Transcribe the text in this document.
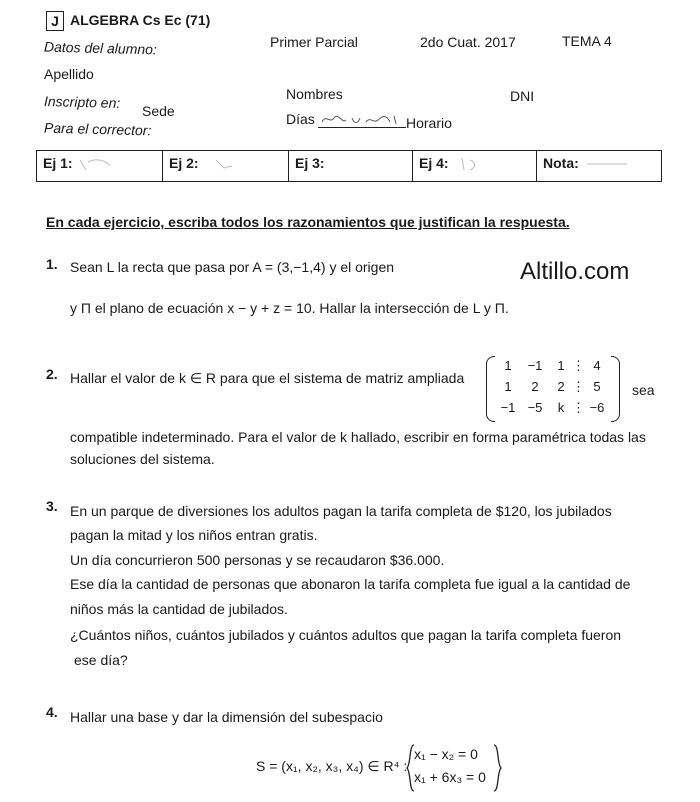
J ALGEBRA Cs Ec (71)
Primer Parcial	2do Cuat. 2017	TEMA 4
Datos del alumno:
Apellido
Nombres	DNI
Inscripto en:
Sede	Días	Horario
Para el corrector:
Ej 1:	Ej 2:	Ej 3:	Ej 4:	Nota:
En cada ejercicio, escriba todos los razonamientos que justifican la respuesta.
1. Sean L la recta que pasa por A = (3,−1,4) y el origen
y Π el plano de ecuación x − y + z = 10. Hallar la intersección de L y Π.
Altillo.com
2. Hallar el valor de k ∈ R para que el sistema de matriz ampliada
1	−1	1 ⋮ 4
1	2	2 ⋮ 5
−1 −5	k ⋮ −6
sea
compatible indeterminado. Para el valor de k hallado, escribir en forma paramétrica todas las
soluciones del sistema.
3. En un parque de diversiones los adultos pagan la tarifa completa de $120, los jubilados
pagan la mitad y los niños entran gratis.
Un día concurrieron 500 personas y se recaudaron $36.000.
Ese día la cantidad de personas que abonaron la tarifa completa fue igual a la cantidad de
niños más la cantidad de jubilados.
¿Cuántos niños, cuántos jubilados y cuántos adultos que pagan la tarifa completa fueron
ese día?
4. Hallar una base y dar la dimensión del subespacio
S = (x₁, x₂, x₃, x₄) ∈ R⁴ :
x₁ − x₂ = 0
x₁ + 6x₃ = 0
